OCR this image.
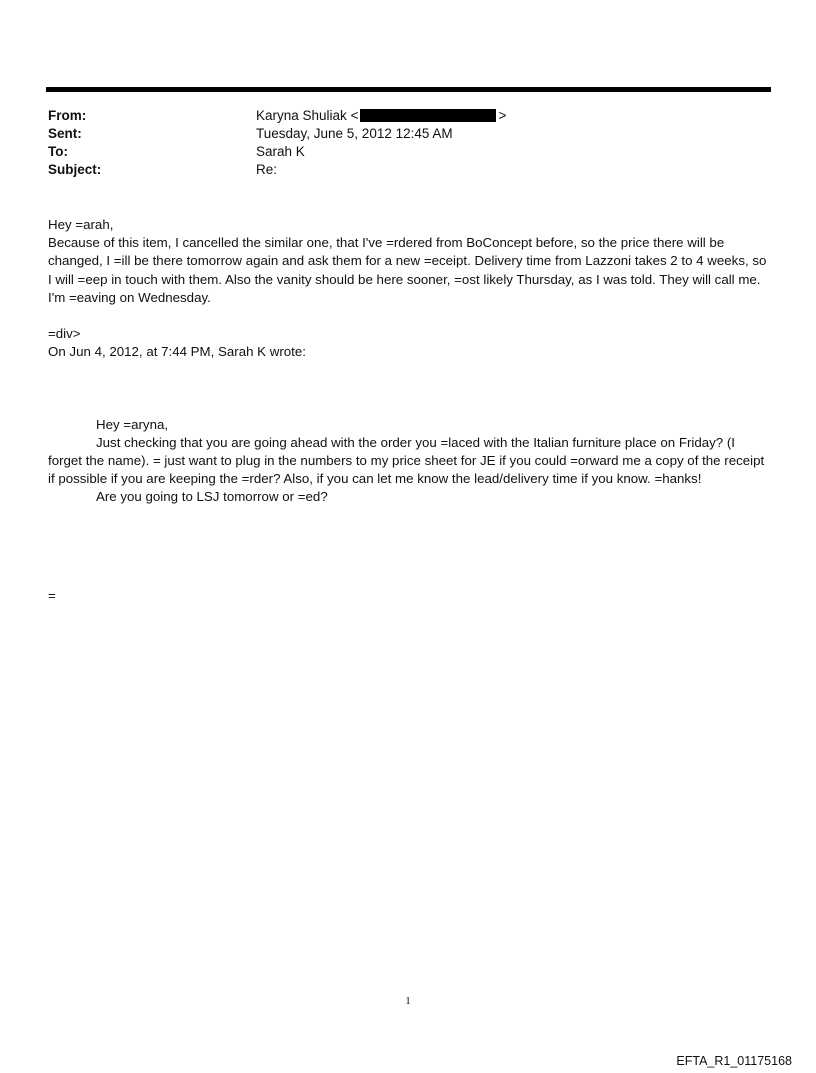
From:	Karyna Shuliak <	>
Sent:	Tuesday, June 5, 2012 12:45 AM
To:	Sarah K
Subject:	Re:

Hey =arah,

Because of this item, I cancelled the similar one, that I've =rdered from BoConcept before, so the price there will be changed, I =ill be there tomorrow again and ask them for a new =eceipt. Delivery time from Lazzoni takes 2 to 4 weeks, so I will =eep in touch with them. Also the vanity should be here sooner, =ost likely Thursday, as I was told. They will call me.

I'm =eaving on Wednesday.

=div>

On Jun 4, 2012, at 7:44 PM, Sarah K wrote:

Hey =aryna,

Just checking that you are going ahead with the order you =laced with the Italian furniture place on Friday? (I forget the name). = just want to plug in the numbers to my price sheet for JE if you could =orward me a copy of the receipt if possible if you are keeping the =rder? Also, if you can let me know the lead/delivery time if you know. =hanks!

Are you going to LSJ tomorrow or =ed?

=

1
EFTA_R1_01175168
